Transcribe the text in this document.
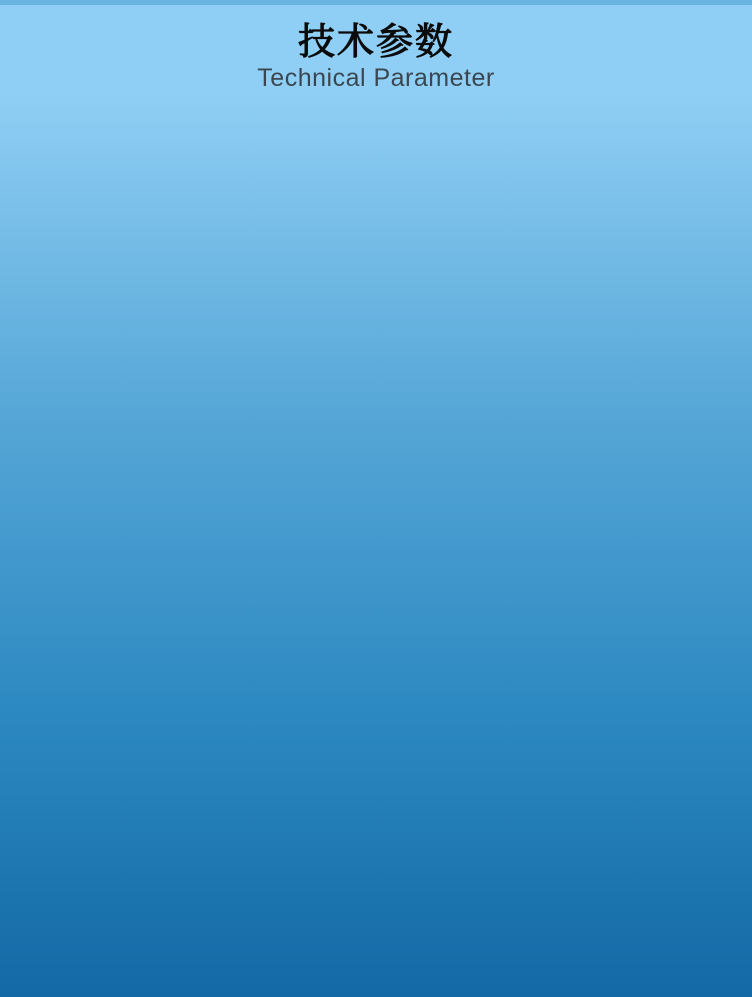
技术参数
Technical Parameter
